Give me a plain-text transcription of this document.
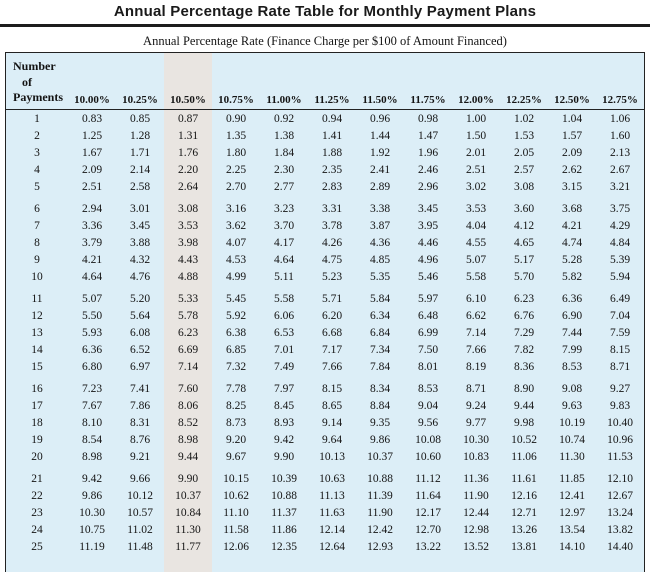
Annual Percentage Rate Table for Monthly Payment Plans
Annual Percentage Rate (Finance Charge per $100 of Amount Financed)
Number
of
Payments	10.00%	10.25%	10.50%	10.75%	11.00%	11.25%	11.50%	11.75%	12.00%	12.25%	12.50%	12.75%
1	0.83	0.85	0.87	0.90	0.92	0.94	0.96	0.98	1.00	1.02	1.04	1.06
2	1.25	1.28	1.31	1.35	1.38	1.41	1.44	1.47	1.50	1.53	1.57	1.60
3	1.67	1.71	1.76	1.80	1.84	1.88	1.92	1.96	2.01	2.05	2.09	2.13
4	2.09	2.14	2.20	2.25	2.30	2.35	2.41	2.46	2.51	2.57	2.62	2.67
5	2.51	2.58	2.64	2.70	2.77	2.83	2.89	2.96	3.02	3.08	3.15	3.21
6	2.94	3.01	3.08	3.16	3.23	3.31	3.38	3.45	3.53	3.60	3.68	3.75
7	3.36	3.45	3.53	3.62	3.70	3.78	3.87	3.95	4.04	4.12	4.21	4.29
8	3.79	3.88	3.98	4.07	4.17	4.26	4.36	4.46	4.55	4.65	4.74	4.84
9	4.21	4.32	4.43	4.53	4.64	4.75	4.85	4.96	5.07	5.17	5.28	5.39
10	4.64	4.76	4.88	4.99	5.11	5.23	5.35	5.46	5.58	5.70	5.82	5.94
11	5.07	5.20	5.33	5.45	5.58	5.71	5.84	5.97	6.10	6.23	6.36	6.49
12	5.50	5.64	5.78	5.92	6.06	6.20	6.34	6.48	6.62	6.76	6.90	7.04
13	5.93	6.08	6.23	6.38	6.53	6.68	6.84	6.99	7.14	7.29	7.44	7.59
14	6.36	6.52	6.69	6.85	7.01	7.17	7.34	7.50	7.66	7.82	7.99	8.15
15	6.80	6.97	7.14	7.32	7.49	7.66	7.84	8.01	8.19	8.36	8.53	8.71
16	7.23	7.41	7.60	7.78	7.97	8.15	8.34	8.53	8.71	8.90	9.08	9.27
17	7.67	7.86	8.06	8.25	8.45	8.65	8.84	9.04	9.24	9.44	9.63	9.83
18	8.10	8.31	8.52	8.73	8.93	9.14	9.35	9.56	9.77	9.98	10.19	10.40
19	8.54	8.76	8.98	9.20	9.42	9.64	9.86	10.08	10.30	10.52	10.74	10.96
20	8.98	9.21	9.44	9.67	9.90	10.13	10.37	10.60	10.83	11.06	11.30	11.53
21	9.42	9.66	9.90	10.15	10.39	10.63	10.88	11.12	11.36	11.61	11.85	12.10
22	9.86	10.12	10.37	10.62	10.88	11.13	11.39	11.64	11.90	12.16	12.41	12.67
23	10.30	10.57	10.84	11.10	11.37	11.63	11.90	12.17	12.44	12.71	12.97	13.24
24	10.75	11.02	11.30	11.58	11.86	12.14	12.42	12.70	12.98	13.26	13.54	13.82
25	11.19	11.48	11.77	12.06	12.35	12.64	12.93	13.22	13.52	13.81	14.10	14.40
